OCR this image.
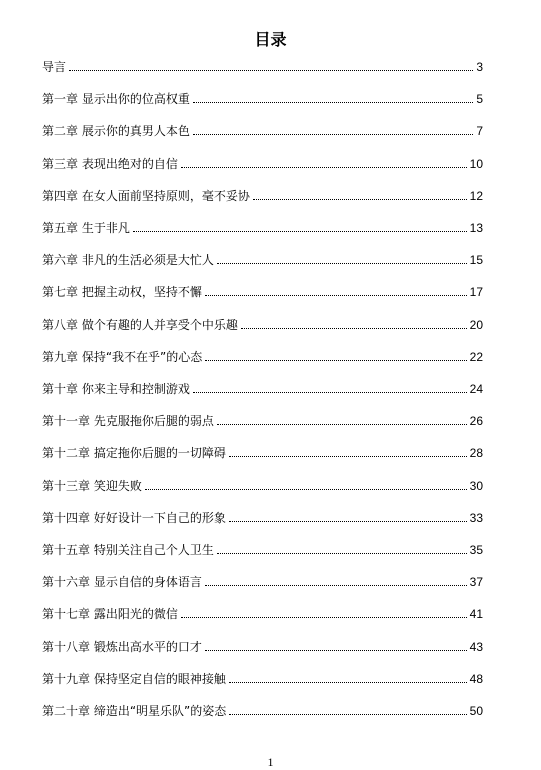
目录
导言	3
第一章 显示出你的位高权重	5
第二章 展示你的真男人本色	7
第三章 表现出绝对的自信	10
第四章 在女人面前坚持原则，毫不妥协	12
第五章 生于非凡	13
第六章 非凡的生活必须是大忙人	15
第七章 把握主动权，坚持不懈	17
第八章 做个有趣的人并享受个中乐趣	20
第九章 保持“我不在乎”的心态	22
第十章 你来主导和控制游戏	24
第十一章 先克服拖你后腿的弱点	26
第十二章 搞定拖你后腿的一切障碍	28
第十三章 笑迎失败	30
第十四章 好好设计一下自己的形象	33
第十五章 特别关注自己个人卫生	35
第十六章 显示自信的身体语言	37
第十七章 露出阳光的微信	41
第十八章 锻炼出高水平的口才	43
第十九章 保持坚定自信的眼神接触	48
第二十章 缔造出“明星乐队”的姿态	50
1
